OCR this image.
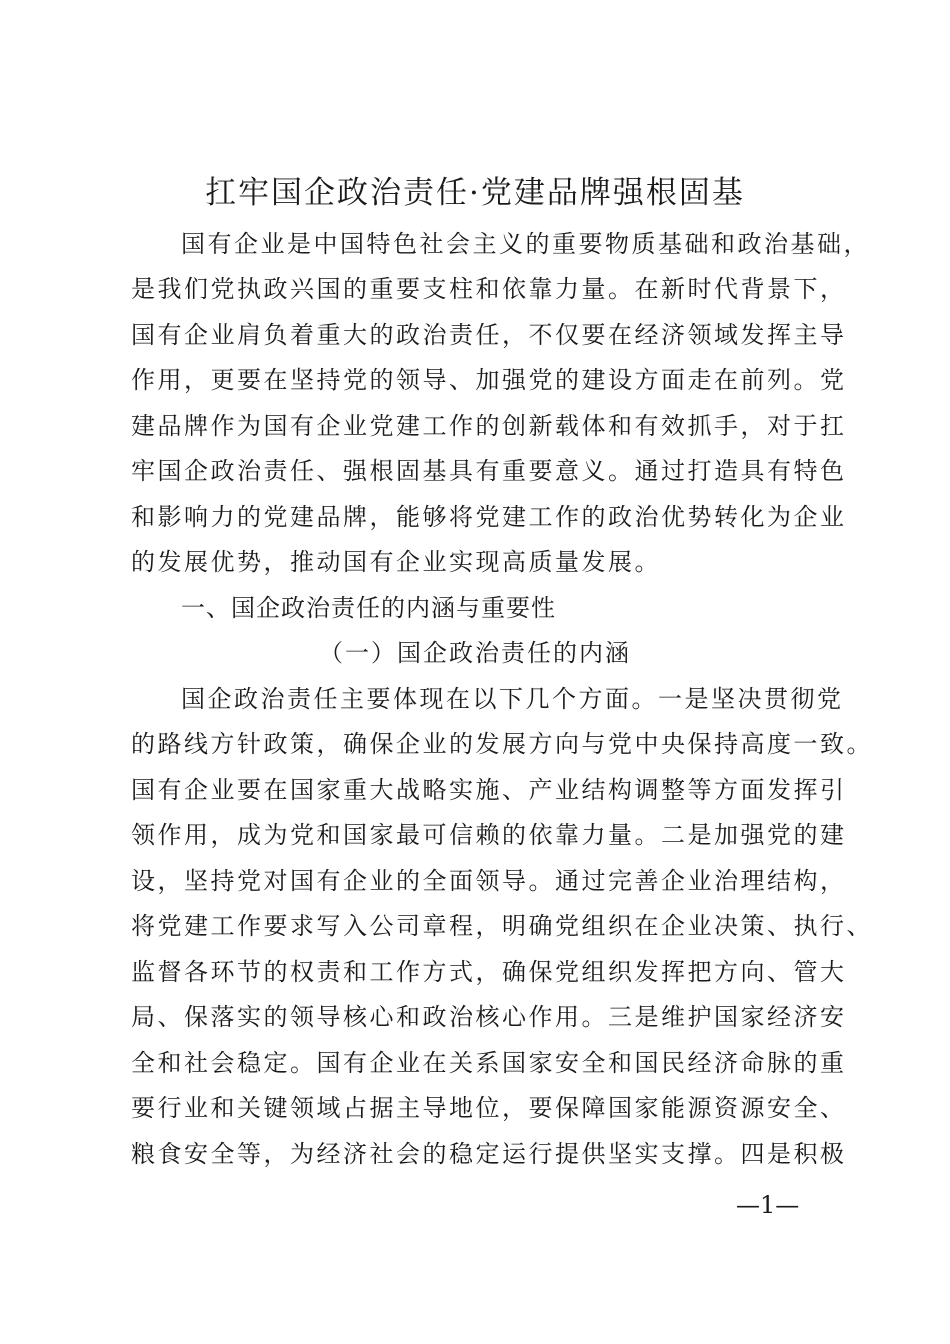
扛牢国企政治责任·党建品牌强根固基

国有企业是中国特色社会主义的重要物质基础和政治基础，

是我们党执政兴国的重要支柱和依靠力量。在新时代背景下，

国有企业肩负着重大的政治责任，不仅要在经济领域发挥主导

作用，更要在坚持党的领导、加强党的建设方面走在前列。党

建品牌作为国有企业党建工作的创新载体和有效抓手，对于扛

牢国企政治责任、强根固基具有重要意义。通过打造具有特色

和影响力的党建品牌，能够将党建工作的政治优势转化为企业

的发展优势，推动国有企业实现高质量发展。

一、国企政治责任的内涵与重要性
（一）国企政治责任的内涵

国企政治责任主要体现在以下几个方面。一是坚决贯彻党

的路线方针政策，确保企业的发展方向与党中央保持高度一致。

国有企业要在国家重大战略实施、产业结构调整等方面发挥引

领作用，成为党和国家最可信赖的依靠力量。二是加强党的建

设，坚持党对国有企业的全面领导。通过完善企业治理结构，

将党建工作要求写入公司章程，明确党组织在企业决策、执行、

监督各环节的权责和工作方式，确保党组织发挥把方向、管大

局、保落实的领导核心和政治核心作用。三是维护国家经济安

全和社会稳定。国有企业在关系国家安全和国民经济命脉的重

要行业和关键领域占据主导地位，要保障国家能源资源安全、

粮食安全等，为经济社会的稳定运行提供坚实支撑。四是积极

—1—
